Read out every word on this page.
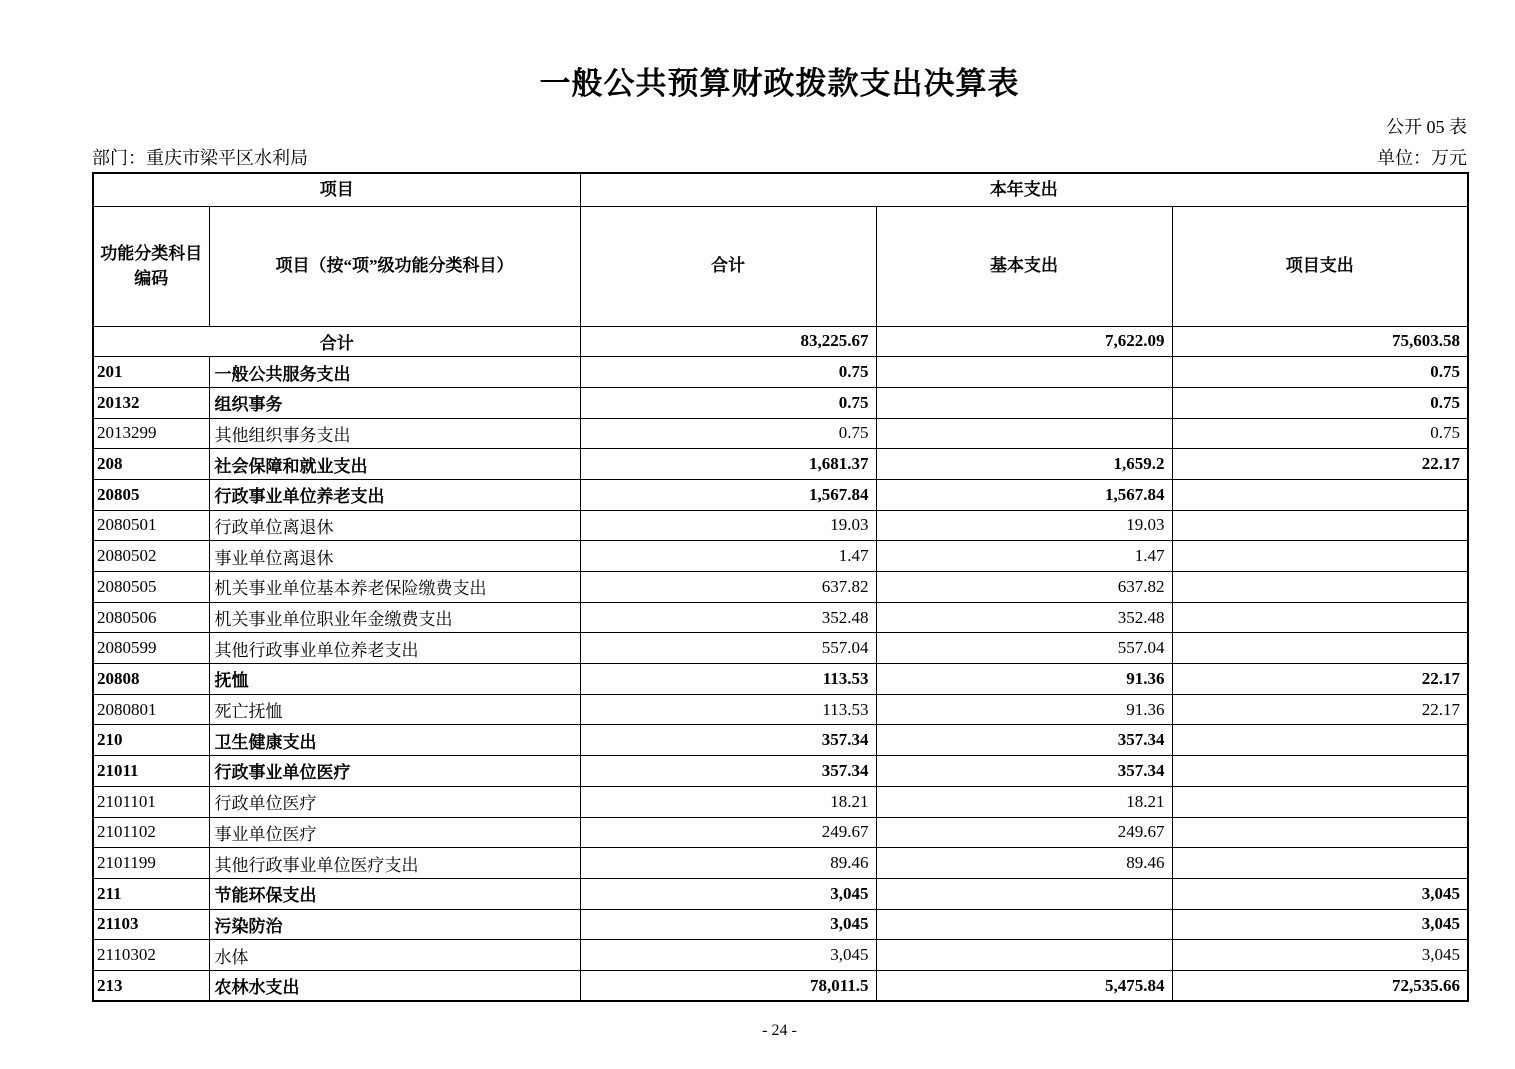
一般公共预算财政拨款支出决算表
公开 05 表
部门：重庆市梁平区水利局	单位：万元
项目		本年支出		
功能分类科目
编码	项目（按“项”级功能分类科目）	合计	基本支出	项目支出
合计		83,225.67	7,622.09	75,603.58
201	一般公共服务支出	0.75		0.75
20132	组织事务	0.75		0.75
2013299	其他组织事务支出	0.75		0.75
208	社会保障和就业支出	1,681.37	1,659.2	22.17
20805	行政事业单位养老支出	1,567.84	1,567.84	
2080501	行政单位离退休	19.03	19.03	
2080502	事业单位离退休	1.47	1.47	
2080505	机关事业单位基本养老保险缴费支出	637.82	637.82	
2080506	机关事业单位职业年金缴费支出	352.48	352.48	
2080599	其他行政事业单位养老支出	557.04	557.04	
20808	抚恤	113.53	91.36	22.17
2080801	死亡抚恤	113.53	91.36	22.17
210	卫生健康支出	357.34	357.34	
21011	行政事业单位医疗	357.34	357.34	
2101101	行政单位医疗	18.21	18.21	
2101102	事业单位医疗	249.67	249.67	
2101199	其他行政事业单位医疗支出	89.46	89.46	
211	节能环保支出	3,045		3,045
21103	污染防治	3,045		3,045
2110302	水体	3,045		3,045
213	农林水支出	78,011.5	5,475.84	72,535.66
- 24 -
